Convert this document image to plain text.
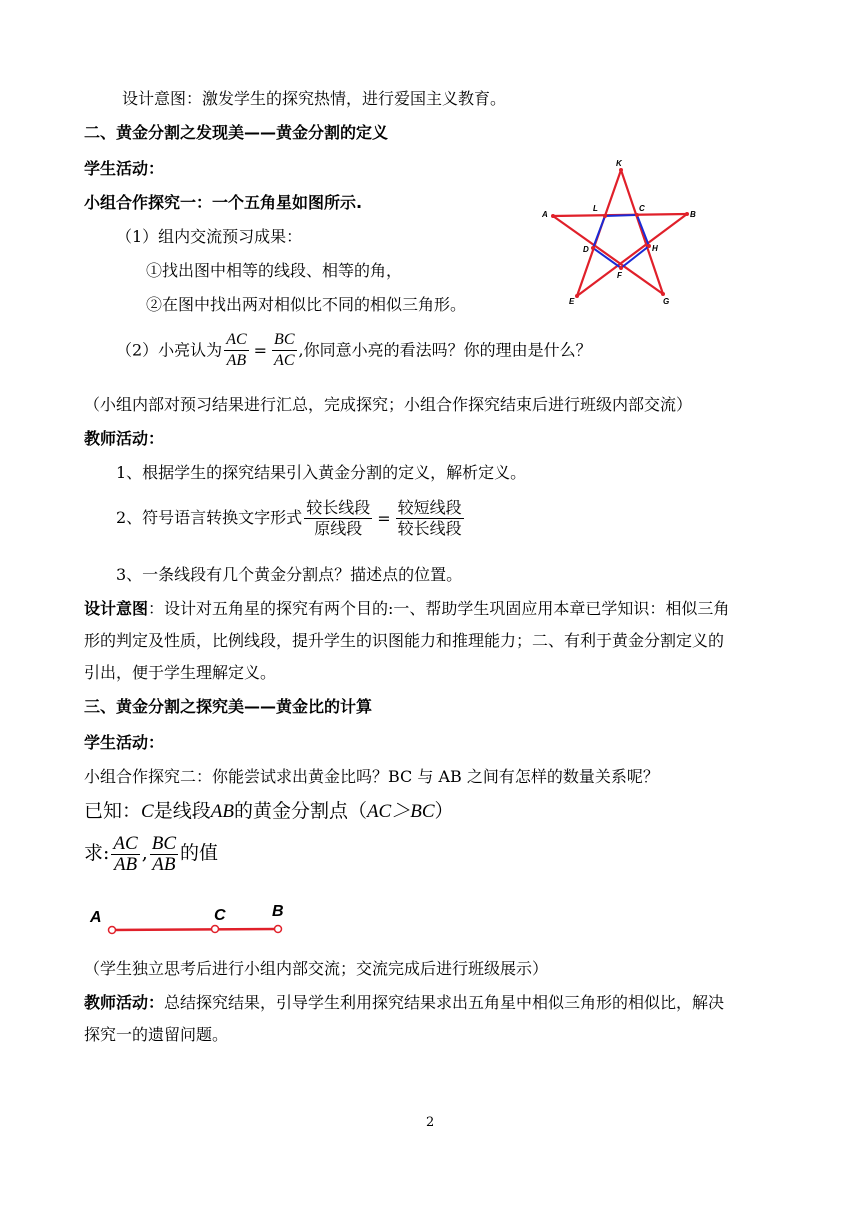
设计意图：激发学生的探究热情，进行爱国主义教育。
二、黄金分割之发现美——黄金分割的定义
学生活动：
小组合作探究一：一个五角星如图所示.
（1）组内交流预习成果：
①找出图中相等的线段、相等的角，
②在图中找出两对相似比不同的相似三角形。
K
L	C
A	B
D	H
F
E	G
（2）小亮认为 $\frac{AC}{AB} = \frac{BC}{AC}$ ,你同意小亮的看法吗？你的理由是什么？
（小组内部对预习结果进行汇总，完成探究；小组合作探究结束后进行班级内部交流）
教师活动：
1、根据学生的探究结果引入黄金分割的定义，解析定义。
2、符号语言转换文字形式 $\frac{\text{较长线段}}{\text{原线段}} = \frac{\text{较短线段}}{\text{较长线段}}$
3、一条线段有几个黄金分割点？描述点的位置。
设计意图：设计对五角星的探究有两个目的:一、帮助学生巩固应用本章已学知识：相似三角
形的判定及性质，比例线段，提升学生的识图能力和推理能力；二、有利于黄金分割定义的
引出，便于学生理解定义。
三、黄金分割之探究美——黄金比的计算
学生活动：
小组合作探究二：你能尝试求出黄金比吗？BC 与 AB 之间有怎样的数量关系呢？
已知：C是线段AB的黄金分割点（AC＞BC）
求: $\frac{AC}{AB}$ , $\frac{BC}{AB}$ 的值
A	C	B
（学生独立思考后进行小组内部交流；交流完成后进行班级展示）
教师活动：总结探究结果，引导学生利用探究结果求出五角星中相似三角形的相似比，解决
探究一的遗留问题。
2
